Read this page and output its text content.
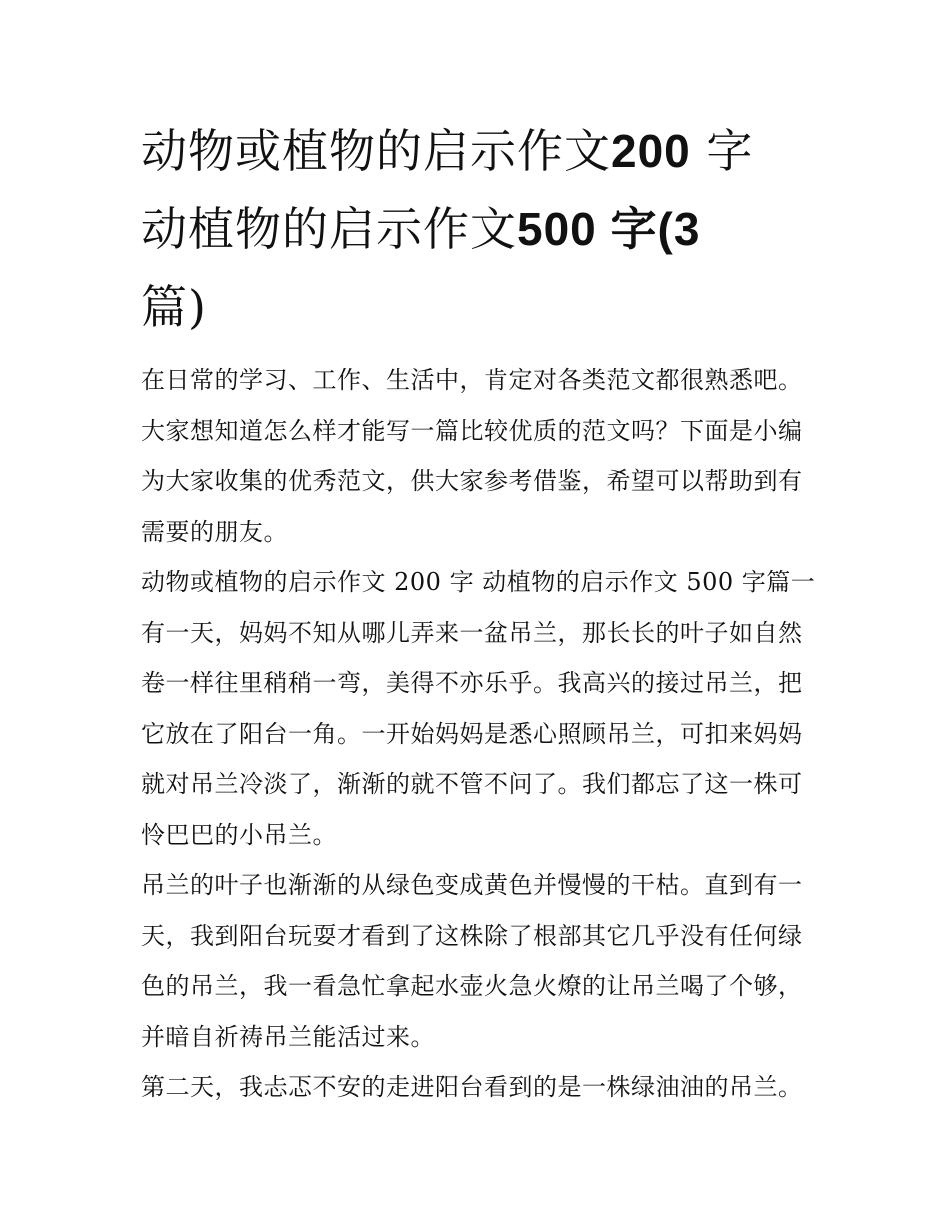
动物或植物的启示作文200 字
动植物的启示作文500 字(3
篇)

在日常的学习、工作、生活中，肯定对各类范文都很熟悉吧。大家想知道怎么样才能写一篇比较优质的范文吗？下面是小编为大家收集的优秀范文，供大家参考借鉴，希望可以帮助到有需要的朋友。

动物或植物的启示作文 200 字 动植物的启示作文 500 字篇一

有一天，妈妈不知从哪儿弄来一盆吊兰，那长长的叶子如自然卷一样往里稍稍一弯，美得不亦乐乎。我高兴的接过吊兰，把它放在了阳台一角。一开始妈妈是悉心照顾吊兰，可扣来妈妈就对吊兰冷淡了，渐渐的就不管不问了。我们都忘了这一株可怜巴巴的小吊兰。

吊兰的叶子也渐渐的从绿色变成黄色并慢慢的干枯。直到有一天，我到阳台玩耍才看到了这株除了根部其它几乎没有任何绿色的吊兰，我一看急忙拿起水壶火急火燎的让吊兰喝了个够，并暗自祈祷吊兰能活过来。

第二天，我忐忑不安的走进阳台看到的是一株绿油油的吊兰。
